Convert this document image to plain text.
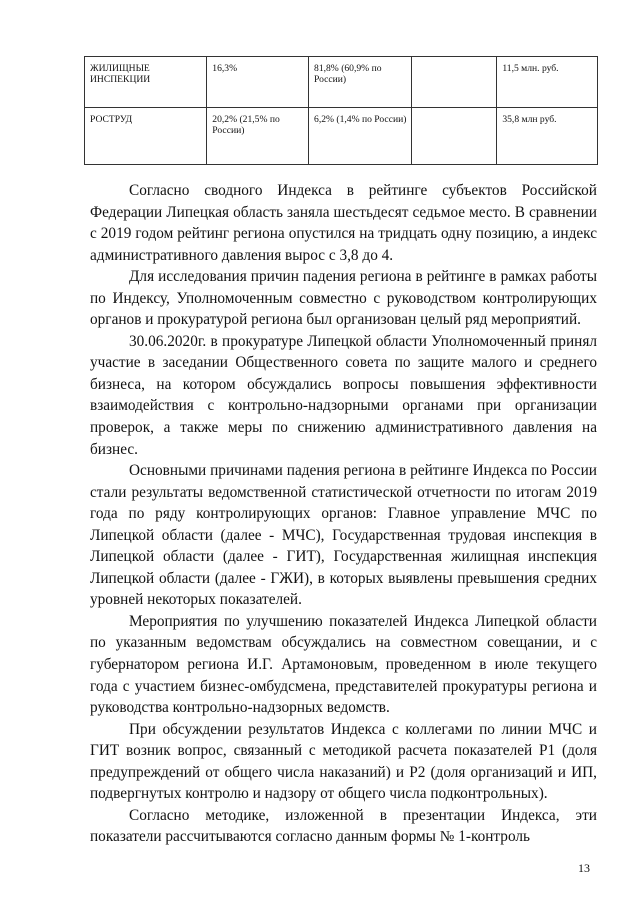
ЖИЛИЩНЫЕ ИНСПЕКЦИИ	16,3%	81,8% (60,9% по России)		11,5 млн. руб.
РОСТРУД	20,2% (21,5% по России)	6,2% (1,4% по России)		35,8 млн руб.

Согласно сводного Индекса в рейтинге субъектов Российской Федерации Липецкая область заняла шестьдесят седьмое место. В сравнении с 2019 годом рейтинг региона опустился на тридцать одну позицию, а индекс административного давления вырос с 3,8 до 4.

Для исследования причин падения региона в рейтинге в рамках работы по Индексу, Уполномоченным совместно с руководством контролирующих органов и прокуратурой региона был организован целый ряд мероприятий.

30.06.2020г. в прокуратуре Липецкой области Уполномоченный принял участие в заседании Общественного совета по защите малого и среднего бизнеса, на котором обсуждались вопросы повышения эффективности взаимодействия с контрольно-надзорными органами при организации проверок, а также меры по снижению административного давления на бизнес.

Основными причинами падения региона в рейтинге Индекса по России стали результаты ведомственной статистической отчетности по итогам 2019 года по ряду контролирующих органов: Главное управление МЧС по Липецкой области (далее - МЧС), Государственная трудовая инспекция в Липецкой области (далее - ГИТ), Государственная жилищная инспекция Липецкой области (далее - ГЖИ), в которых выявлены превышения средних уровней некоторых показателей.

Мероприятия по улучшению показателей Индекса Липецкой области по указанным ведомствам обсуждались на совместном совещании, и с губернатором региона И.Г. Артамоновым, проведенном в июле текущего года с участием бизнес-омбудсмена, представителей прокуратуры региона и руководства контрольно-надзорных ведомств.

При обсуждении результатов Индекса с коллегами по линии МЧС и ГИТ возник вопрос, связанный с методикой расчета показателей Р1 (доля предупреждений от общего числа наказаний) и Р2 (доля организаций и ИП, подвергнутых контролю и надзору от общего числа подконтрольных).

Согласно методике, изложенной в презентации Индекса, эти показатели рассчитываются согласно данным формы № 1-контроль

13
